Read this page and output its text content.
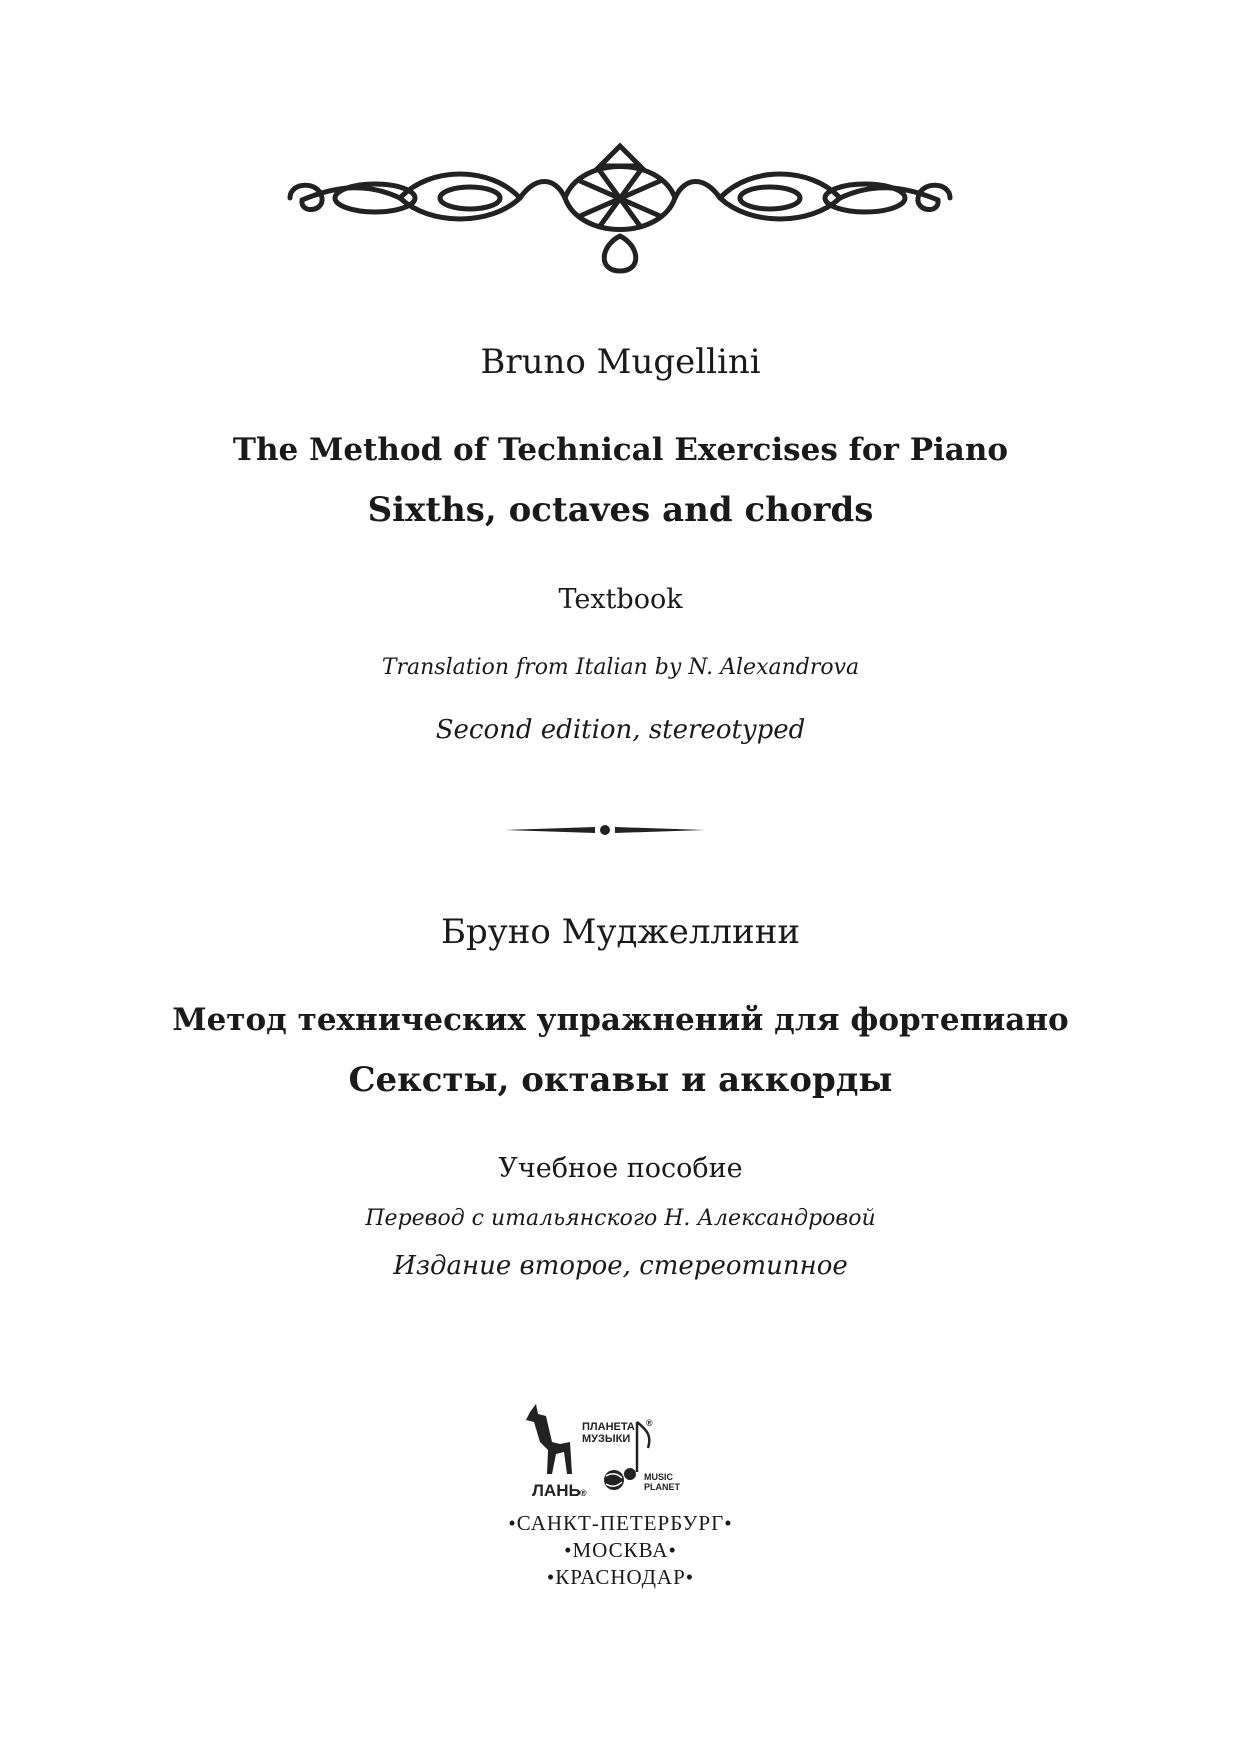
Bruno Mugellini
The Method of Technical Exercises for Piano
Sixths, octaves and chords
Textbook
Translation from Italian by N. Alexandrova
Second edition, stereotyped
Бруно Муджеллини
Метод технических упражнений для фортепиано
Сексты, октавы и аккорды
Учебное пособие
Перевод с итальянского Н. Александровой
Издание второе, стереотипное
ЛАНЬ ®
ПЛАНЕТА МУЗЫКИ
MUSIC PLANET
®
•САНКТ-ПЕТЕРБУРГ•
•МОСКВА•
•КРАСНОДАР•
